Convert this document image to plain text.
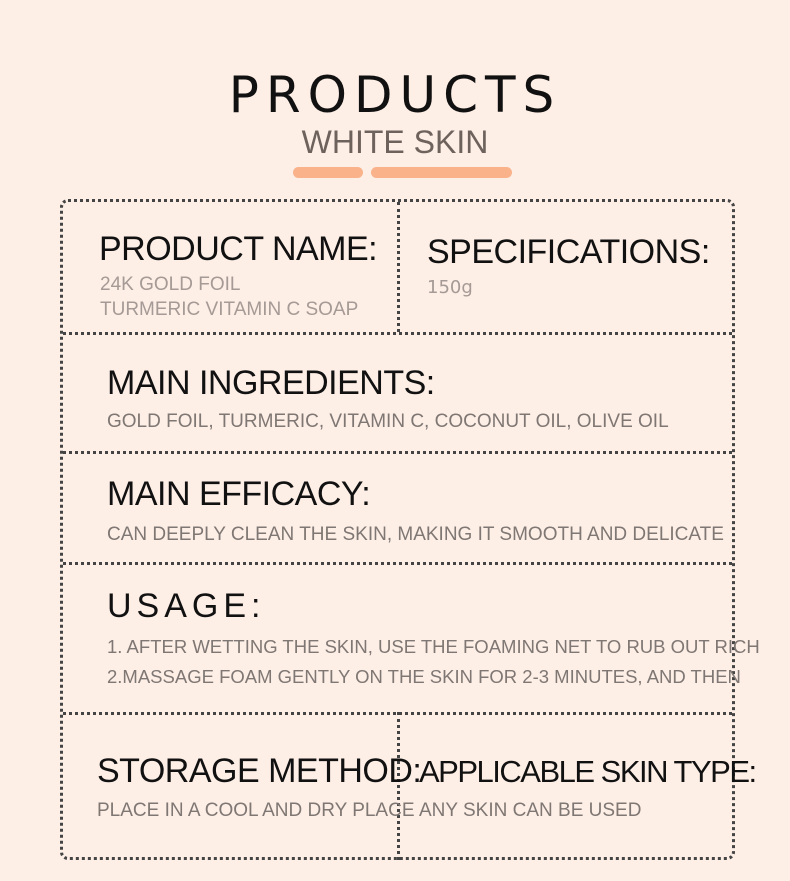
PRODUCTS
WHITE SKIN
PRODUCT NAME:
24K GOLD FOIL
TURMERIC VITAMIN C SOAP
SPECIFICATIONS:
150g
MAIN INGREDIENTS:
GOLD FOIL, TURMERIC, VITAMIN C, COCONUT OIL, OLIVE OIL
MAIN EFFICACY:
CAN DEEPLY CLEAN THE SKIN, MAKING IT SMOOTH AND DELICATE
USAGE:
1. AFTER WETTING THE SKIN, USE THE FOAMING NET TO RUB OUT RICH
2.MASSAGE FOAM GENTLY ON THE SKIN FOR 2-3 MINUTES, AND THEN
STORAGE METHOD:
PLACE IN A COOL AND DRY PLACE
APPLICABLE SKIN TYPE:
ANY SKIN CAN BE USED
